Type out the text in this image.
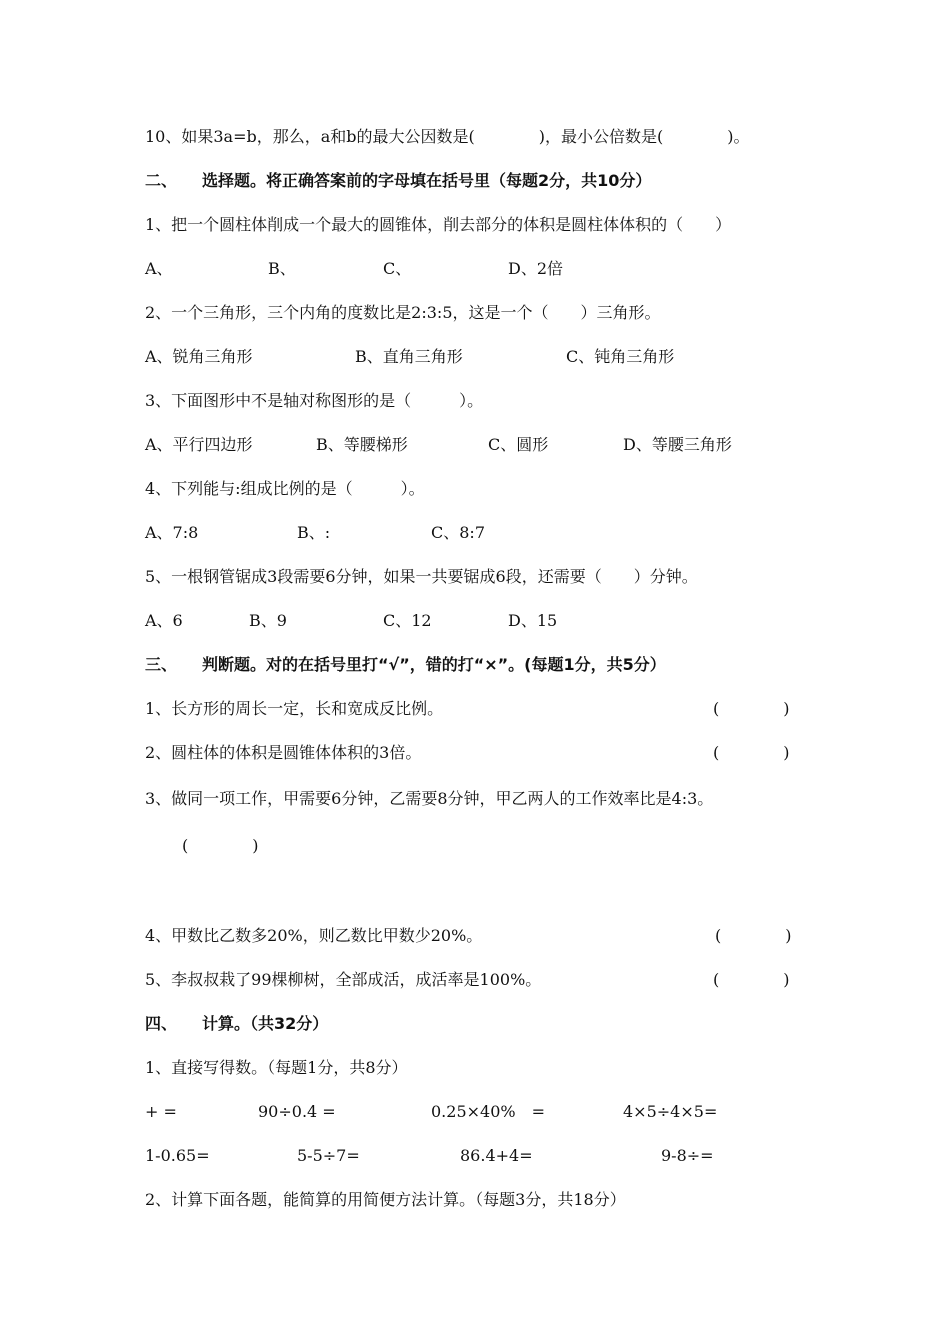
10、如果3a=b，那么，a和b的最大公因数是(　　　　)，最小公倍数是(　　　　)。
二、 选择题。将正确答案前的字母填在括号里（每题2分，共10分）
1、把一个圆柱体削成一个最大的圆锥体，削去部分的体积是圆柱体体积的（　　）
A、	B、	C、	D、2倍
2、一个三角形，三个内角的度数比是2:3:5，这是一个（　　）三角形。
A、锐角三角形	B、直角三角形	C、钝角三角形
3、下面图形中不是轴对称图形的是（　　　）。
A、平行四边形	B、等腰梯形	C、圆形	D、等腰三角形
4、下列能与:组成比例的是（　　　）。
A、7:8	B、:	C、8:7
5、一根钢管锯成3段需要6分钟，如果一共要锯成6段，还需要（　　）分钟。
A、6	B、9	C、12	D、15
三、 判断题。对的在括号里打“√”，错的打“×”。(每题1分，共5分）
1、长方形的周长一定，长和宽成反比例。	(　　　　)
2、圆柱体的体积是圆锥体体积的3倍。	(　　　　)
3、做同一项工作，甲需要6分钟，乙需要8分钟，甲乙两人的工作效率比是4:3。
(　　　　)
4、甲数比乙数多20%，则乙数比甲数少20%。	(　　　　)
5、李叔叔栽了99棵柳树，全部成活，成活率是100%。	(　　　　)
四、 计算。（共32分）
1、直接写得数。（每题1分，共8分）
+ =	90÷0.4 =	0.25×40%　=	4×5÷4×5=
1-0.65=	5-5÷7=	86.4+4=	9-8÷=
2、计算下面各题，能简算的用简便方法计算。（每题3分，共18分）
